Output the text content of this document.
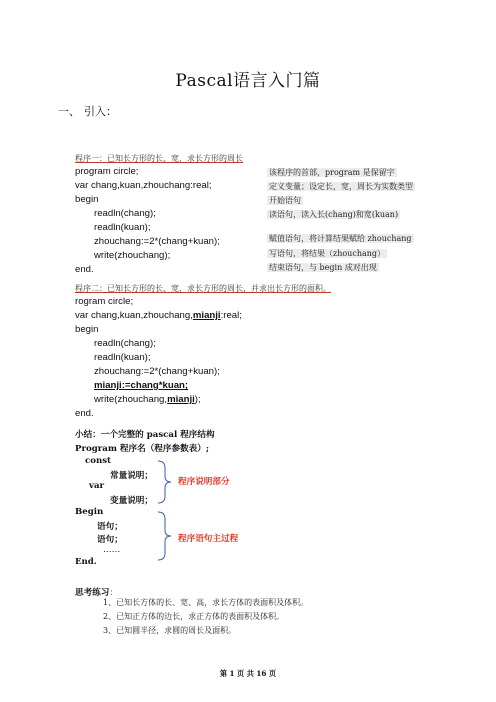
Pascal语言入门篇
一、 引入：
程序一：已知长方形的长、宽，求长方形的周长
program circle;
var chang,kuan,zhouchang:real;
begin
readln(chang);
readln(kuan);
zhouchang:=2*(chang+kuan);
write(zhouchang);
end.
该程序的首部，program 是保留字
定义变量；设定长，宽，周长为实数类型
开始语句
读语句，读入长(chang)和宽(kuan)
赋值语句，将计算结果赋给 zhouchang
写语句，将结果（zhouchang）
结束语句，与 begin 成对出现
程序二：已知长方形的长、宽，求长方形的周长，并求出长方形的面积。
rogram circle;
var chang,kuan,zhouchang,mianji:real;
begin
readln(chang);
readln(kuan);
zhouchang:=2*(chang+kuan);
mianji:=chang*kuan;
write(zhouchang,mianji);
end.
小结：一个完整的 pascal 程序结构
Program 程序名（程序参数表）;
const
常量说明；
var
变量说明；
Begin
语句；
语句；
……
End.
程序说明部分
程序语句主过程
思考练习：
1、已知长方体的长、宽、高，求长方体的表面积及体积。
2、已知正方体的边长，求正方体的表面积及体积。
3、已知圆半径，求圆的周长及面积。
第 1 页 共 16 页
